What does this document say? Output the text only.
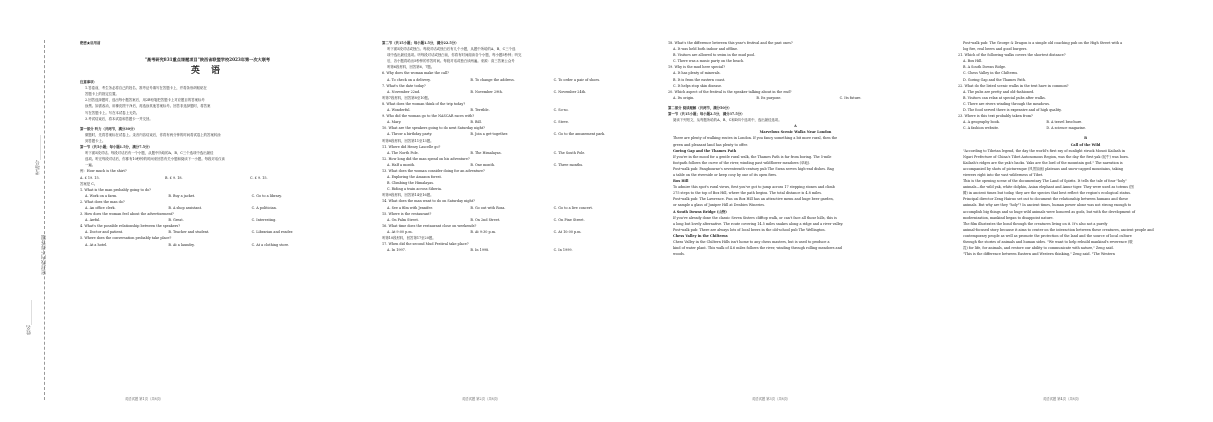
考场号__________
密封线内不得答题
姓名__________
绝密★启用前
"高考研究831重点课题项目"陕西省联盟学校2023年第一次大联考
英 语
注意事项：
1.答卷前，考生务必将自己的姓名、准考证号填写在答题卡上，并将条形码粘贴在
答题卡上的指定位置。
2.回答选择题时，选出每小题答案后，用2B铅笔把答题卡上对应题目的答案标号
涂黑。如需改动，用橡皮擦干净后，再选涂其他答案标号。回答非选择题时，将答案
写在答题卡上。写在本试卷上无效。
3.考试结束后，将本试卷和答题卡一并交回。
第一部分 听力（共两节，满分30分）
做题时，先将答案标在试卷上。录音内容结束后，你将有两分钟的时间将试卷上的答案转涂
到答题卡上。
第一节（共5小题；每小题1.5分，满分7.5分）
听下面5段对话。每段对话后有一个小题，从题中所给的A、B、C三个选项中选出最佳
选项。听完每段对话后，你都有10秒钟的时间来回答有关小题和阅读下一小题。每段对话仅读
一遍。
例：How much is the shirt?
A. £ 19. 15.	B. £ 9. 18.	C. £ 9. 15.
答案是 C。
1. What is the man probably going to do?
A. Work on a farm.	B. Buy a jacket.	C. Go to a library.
2. What does the man do?
A. An office clerk.	B. A shop assistant.	C. A politician.
3. How does the woman feel about the advertisement?
A. Awful.	B. Great.	C. Interesting.
4. What's the possible relationship between the speakers?
A. Doctor and patient.	B. Teacher and student.	C. Librarian and reader.
5. Where does the conversation probably take place?
A. At a hotel.	B. At a laundry.	C. At a clothing store.
第二节（共15小题；每小题1.5分，满分22.5分）
听下面5段对话或独白。每段对话或独白后有几个小题，从题中所给的A、B、C三个选
项中选出最佳选项。听每段对话或独白前，你将有时间阅读各个小题，每小题5秒钟；听完
后，各小题将给出5秒钟的作答时间。每段对话或独白读两遍。来源：高三答案公众号
听第6段材料，回答第6、7题。
6. Why does the woman make the call?
A. To check on a delivery.	B. To change the address.	C. To order a pair of shoes.
7. What's the date today?
A. November 22nd.	B. November 29th.	C. November 24th.
听第7段材料，回答第8至10题。
8. What does the woman think of the trip today?
A. Wonderful.	B. Terrible.	C. So-so.
9. Who did the woman go to the NASCAR races with?
A. Mary.	B. Bill.	C. Steve.
10. What are the speakers going to do next Saturday night?
A. Throw a birthday party.	B. Join a get-together.	C. Go to the amusement park.
听第8段材料，回答第11至13题。
11. Where did Henry Lascelle go?
A. The North Pole.	B. The Himalayas.	C. The South Pole.
12. How long did the man spend on his adventure?
A. Half a month.	B. One month.	C. Three months.
13. What does the woman consider doing for an adventure?
A. Exploring the Amazon forest.
B. Climbing the Himalayas.
C. Riding a train across Siberia.
听第9段材料，回答第14至16题。
14. What does the man want to do on Saturday night?
A. See a film with Jennifer.	B. Go out with Rosa.	C. Go to a live concert.
15. Where is the restaurant?
A. On Palm Street.	B. On 2nd Street.	C. On Pine Street.
16. What time does the restaurant close on weekends?
A. At 9:00 p.m.	B. At 9:30 p.m.	C. At 10:00 p.m.
听第10段材料，回答第17至20题。
17. When did the second Mud Festival take place?
A. In 1997.	B. In 1998.	C. In 1999.
18. What's the difference between this year's festival and the past ones?
A. It was held both indoor and offline.
B. Visitors are allowed to swim in the mud pool.
C. There was a music party on the beach.
19. Why is the mud here special?
A. It has plenty of minerals.
B. It is from the eastern coast.
C. It helps stop skin disease.
20. Which aspect of the festival is the speaker talking about in the end?
A. Its origin.	B. Its purpose.	C. Its future.
第二部分 阅读理解（共两节，满分50分）
第一节（共15小题；每小题2.5分，满分37.5分）
阅读下列短文，从每题所给的A、B、C和D四个选项中，选出最佳选项。
A
Marvelous Scenic Walks Near London
There are plenty of walking routes in London. If you fancy something a bit more rural, then the
green and pleasant land has plenty to offer.
Goring Gap and the Thames Path
If you're in the mood for a gentle rural walk, the Thames Path is far from boring. The 5-mile
footpath follows the curve of the river, winding past wildflower meadows (草地).
Post-walk pub: Pangbourne's seventeenth-century pub The Swan serves high-end dishes. Bag
a table on the riverside or keep cosy by one of its open fires.
Box Hill
To admire this spot's rural views, first you've got to jump across 17 stepping stones and climb
275 steps to the top of Box Hill, where the path begins. The total distance is 4.8 miles.
Post-walk pub: The Lawrence. Fun on Box Hill has an attractive menu and huge beer garden,
or sample a glass of Juniper Hill at Denbies Wineries.
A South Downs Bridge (山脊)
If you've already done the classic Seven Sisters clifftop walk, or can't face all those hills, this is
a long but lovely alternative. The route covering 14.5 miles snakes along a ridge and a river valley.
Post-walk pub: There are always lots of local beers in the old-school pub The Wellington.
Chess Valley in the Chilterns
Chess Valley in the Chiltern Hills isn't home to any chess masters, but is used to produce a
kind of water plant. This walk of 4.6 miles follows the river, winding through rolling meadows and
woods.
Post-walk pub: The George & Dragon is a simple old coaching pub on the High Street with a
log fire, real beers and good burgers.
21. Which of the following walks covers the shortest distance?
A. Box Hill.
B. A South Downs Ridge.
C. Chess Valley in the Chilterns.
D. Goring Gap and the Thames Path.
22. What do the listed scenic walks in the text have in common?
A. The pubs are pretty and old-fashioned.
B. Visitors can relax at special pubs after walks.
C. There are rivers winding through the meadows.
D. The food served there is expensive and of high quality.
23. Where is this text probably taken from?
A. A geography book.	B. A travel brochure.
C. A fashion website.	D. A science magazine.
B
Call of the Wild
"According to Tibetan legend, the day the world's first ray of sunlight struck Mount Kailash in
Ngari Prefecture of China's Tibet Autonomous Region, was the day the first yak (牦牛) was born.
Kailash's ridges are the yak's backs. Yaks are the lord of the mountain god." The narration is
accompanied by shots of picturesque (风景如画) plateaus and snow-capped mountains, taking
viewers right into the vast wilderness of Tibet.
This is the opening scene of the documentary The Land of Spirits. It tells the tale of four "holy"
animals—the wild yak, white dolphin, Asian elephant and Amur tiger. They were used as totems (图
腾) in ancient times but today, they are the species that best reflect the region's ecological status.
Principal director Zeng Hairuo set out to document the relationship between humans and these
animals. But why are they "holy"? In ancient times, human power alone was not strong enough to
accomplish big things and so huge wild animals were honored as gods, but with the development of
modernization, mankind began to disappoint nature.
The film illustrates the bond through the creatures living on it. It's also not a purely
animal-focused story because it aims to center on the interaction between these creatures, ancient people and
contemporary people as well as promote the protection of the land and the source of local culture
through the stories of animals and human sides. "We want to help rebuild mankind's reverence (敬
畏) for life, for animals, and restore our ability to communicate with nature," Zeng said.
"This is the difference between Eastern and Western thinking," Zeng said. "The Western
英语试题 第1页（共8页）	英语试题 第2页（共8页）	英语试题 第3页（共8页）	英语试题 第4页（共8页）
